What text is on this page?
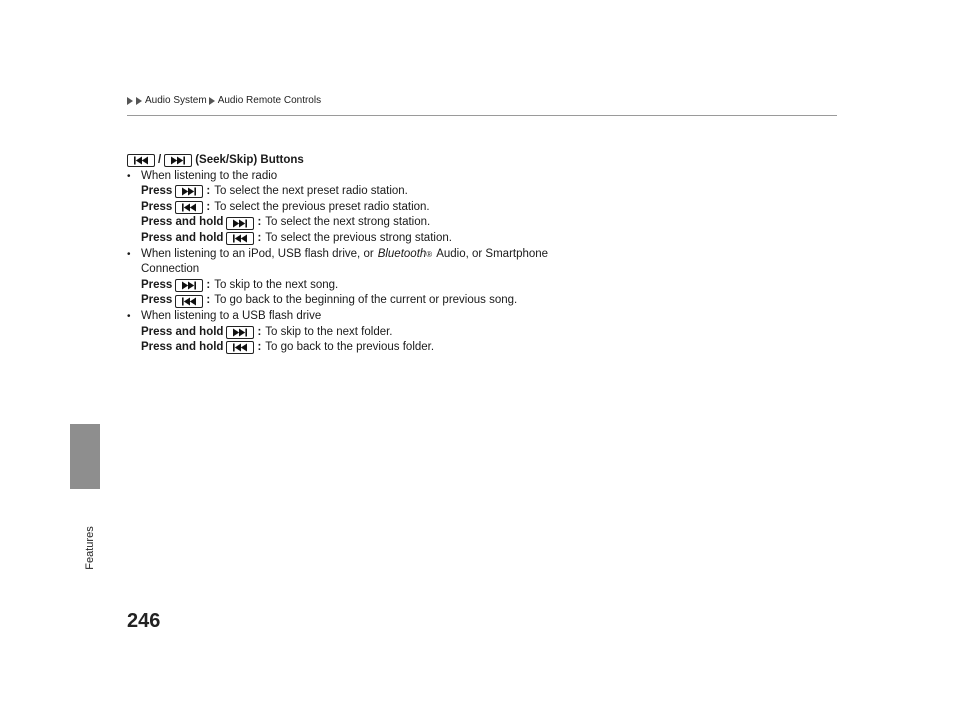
Features
Audio System Audio Remote Controls
/	(Seek/Skip) Buttons
• When listening to the radio
Press	: To select the next preset radio station.
Press	: To select the previous preset radio station.
Press and hold	: To select the next strong station.
Press and hold	: To select the previous strong station.
• When listening to an iPod, USB flash drive, or Bluetooth ® Audio, or Smartphone
Connection
Press	: To skip to the next song.
Press	: To go back to the beginning of the current or previous song.
• When listening to a USB flash drive
Press and hold	: To skip to the next folder.
Press and hold	: To go back to the previous folder.
246
